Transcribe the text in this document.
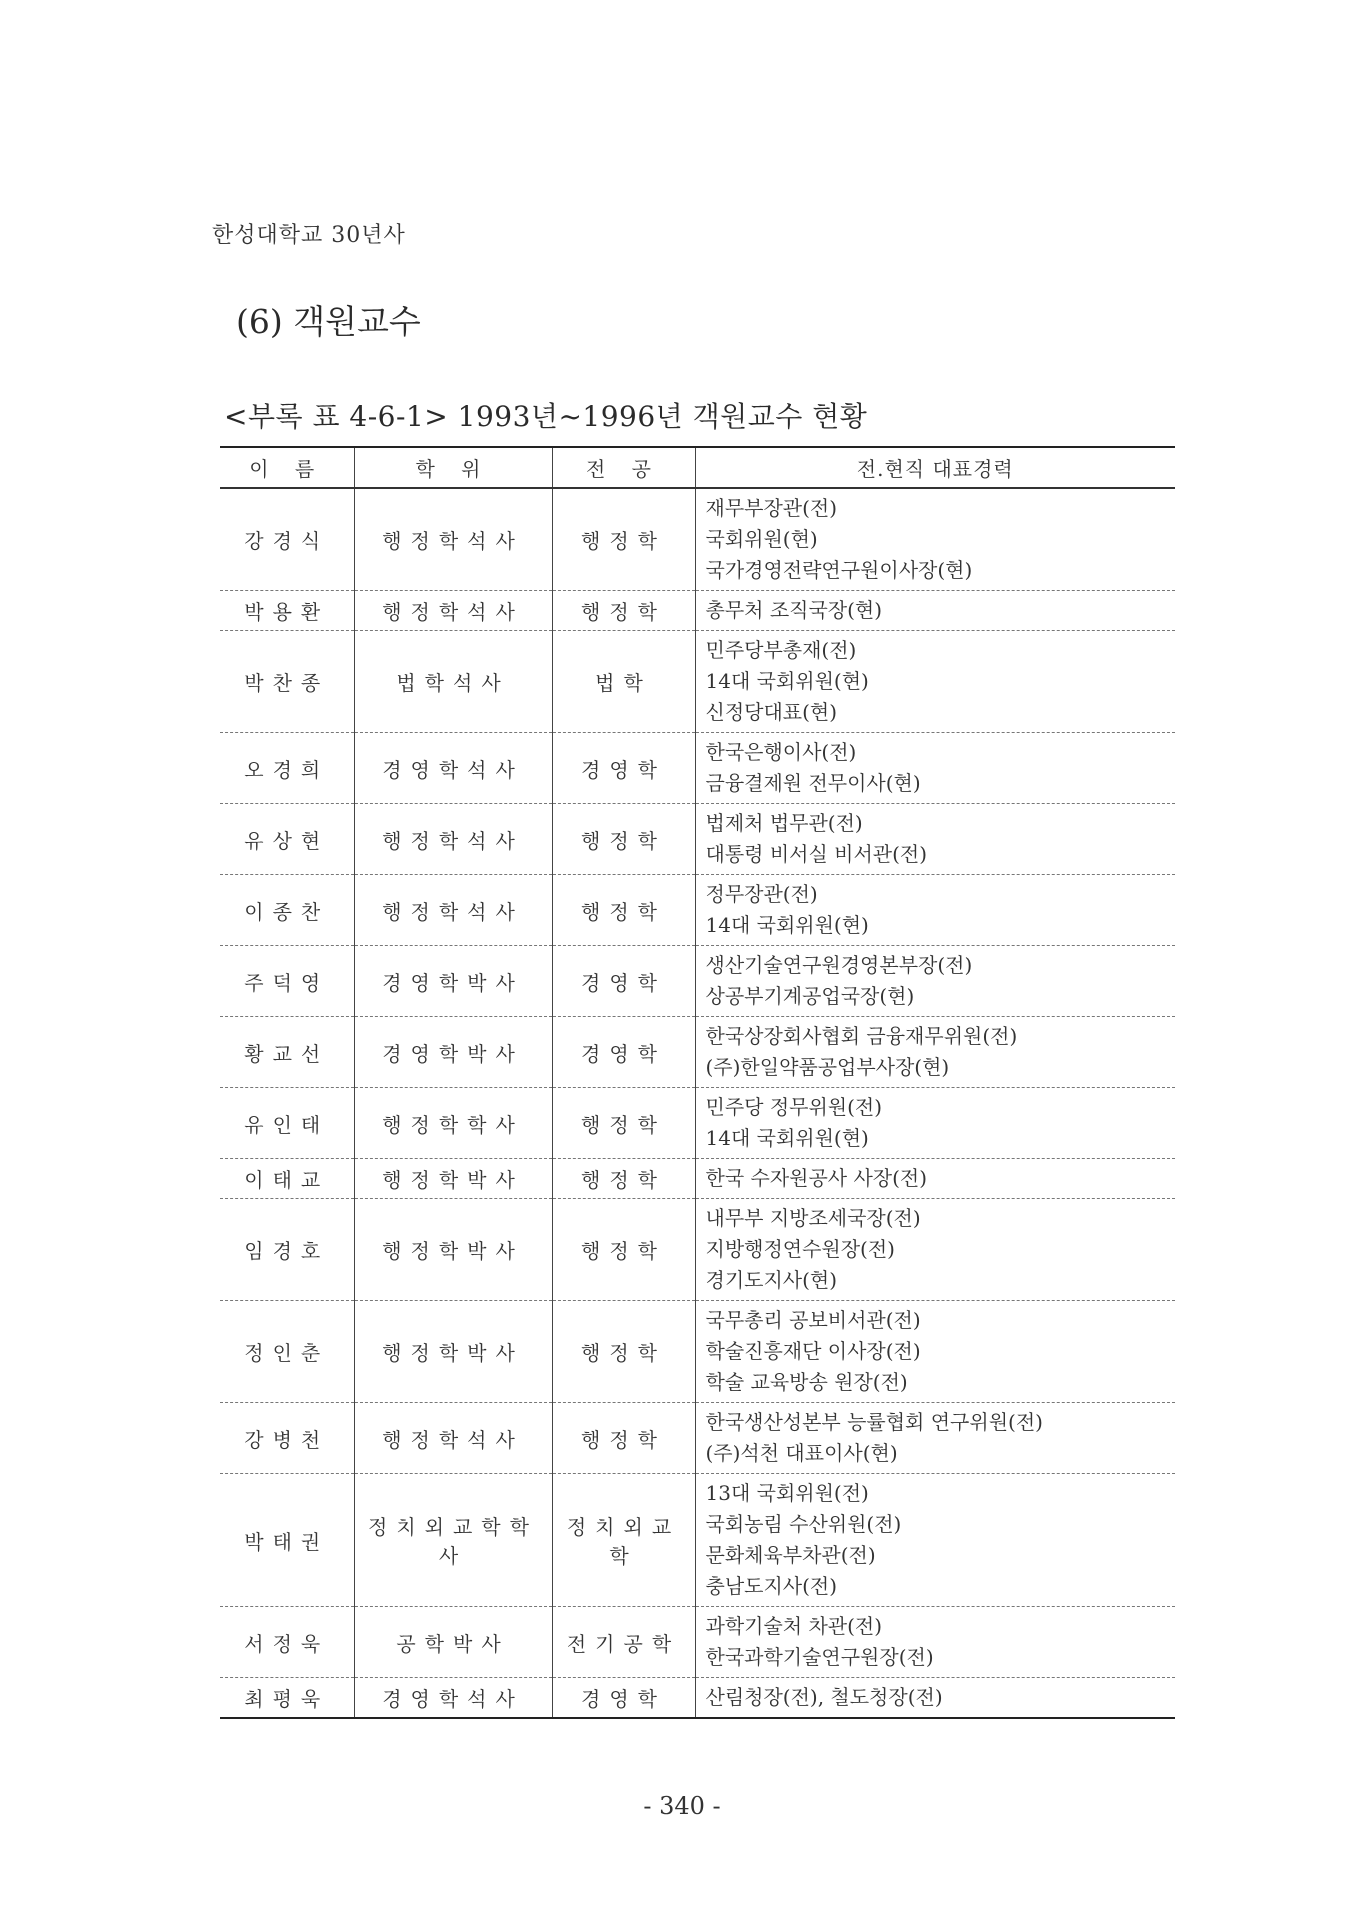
한성대학교 30년사
(6) 객원교수
<부록 표 4-6-1> 1993년~1996년 객원교수 현황
이 름	학 위	전 공	전.현직 대표경력
강경식	행정학석사	행정학	재무부장관(전)
국회위원(현)
국가경영전략연구원이사장(현)

박용환	행정학석사	행정학	총무처 조직국장(현)

박찬종	법학석사	법학	민주당부총재(전)
14대 국회위원(현)
신정당대표(현)

오경희	경영학석사	경영학	한국은행이사(전)
금융결제원 전무이사(현)

유상현	행정학석사	행정학	법제처 법무관(전)
대통령 비서실 비서관(전)

이종찬	행정학석사	행정학	정무장관(전)
14대 국회위원(현)

주덕영	경영학박사	경영학	생산기술연구원경영본부장(전)
상공부기계공업국장(현)

황교선	경영학박사	경영학	한국상장회사협회 금융재무위원(전)
(주)한일약품공업부사장(현)

유인태	행정학학사	행정학	민주당 정무위원(전)
14대 국회위원(현)

이태교	행정학박사	행정학	한국 수자원공사 사장(전)

임경호	행정학박사	행정학	내무부 지방조세국장(전)
지방행정연수원장(전)
경기도지사(현)

정인춘	행정학박사	행정학	국무총리 공보비서관(전)
학술진흥재단 이사장(전)
학술 교육방송 원장(전)

강병천	행정학석사	행정학	한국생산성본부 능률협회 연구위원(전)
(주)석천 대표이사(현)

박태권	정치외교학학사	정치외교학	13대 국회위원(전)
국회농림 수산위원(전)
문화체육부차관(전)
충남도지사(전)

서정욱	공학박사	전기공학	과학기술처 차관(전)
한국과학기술연구원장(전)

최평욱	경영학석사	경영학	산림청장(전), 철도청장(전)
- 340 -
